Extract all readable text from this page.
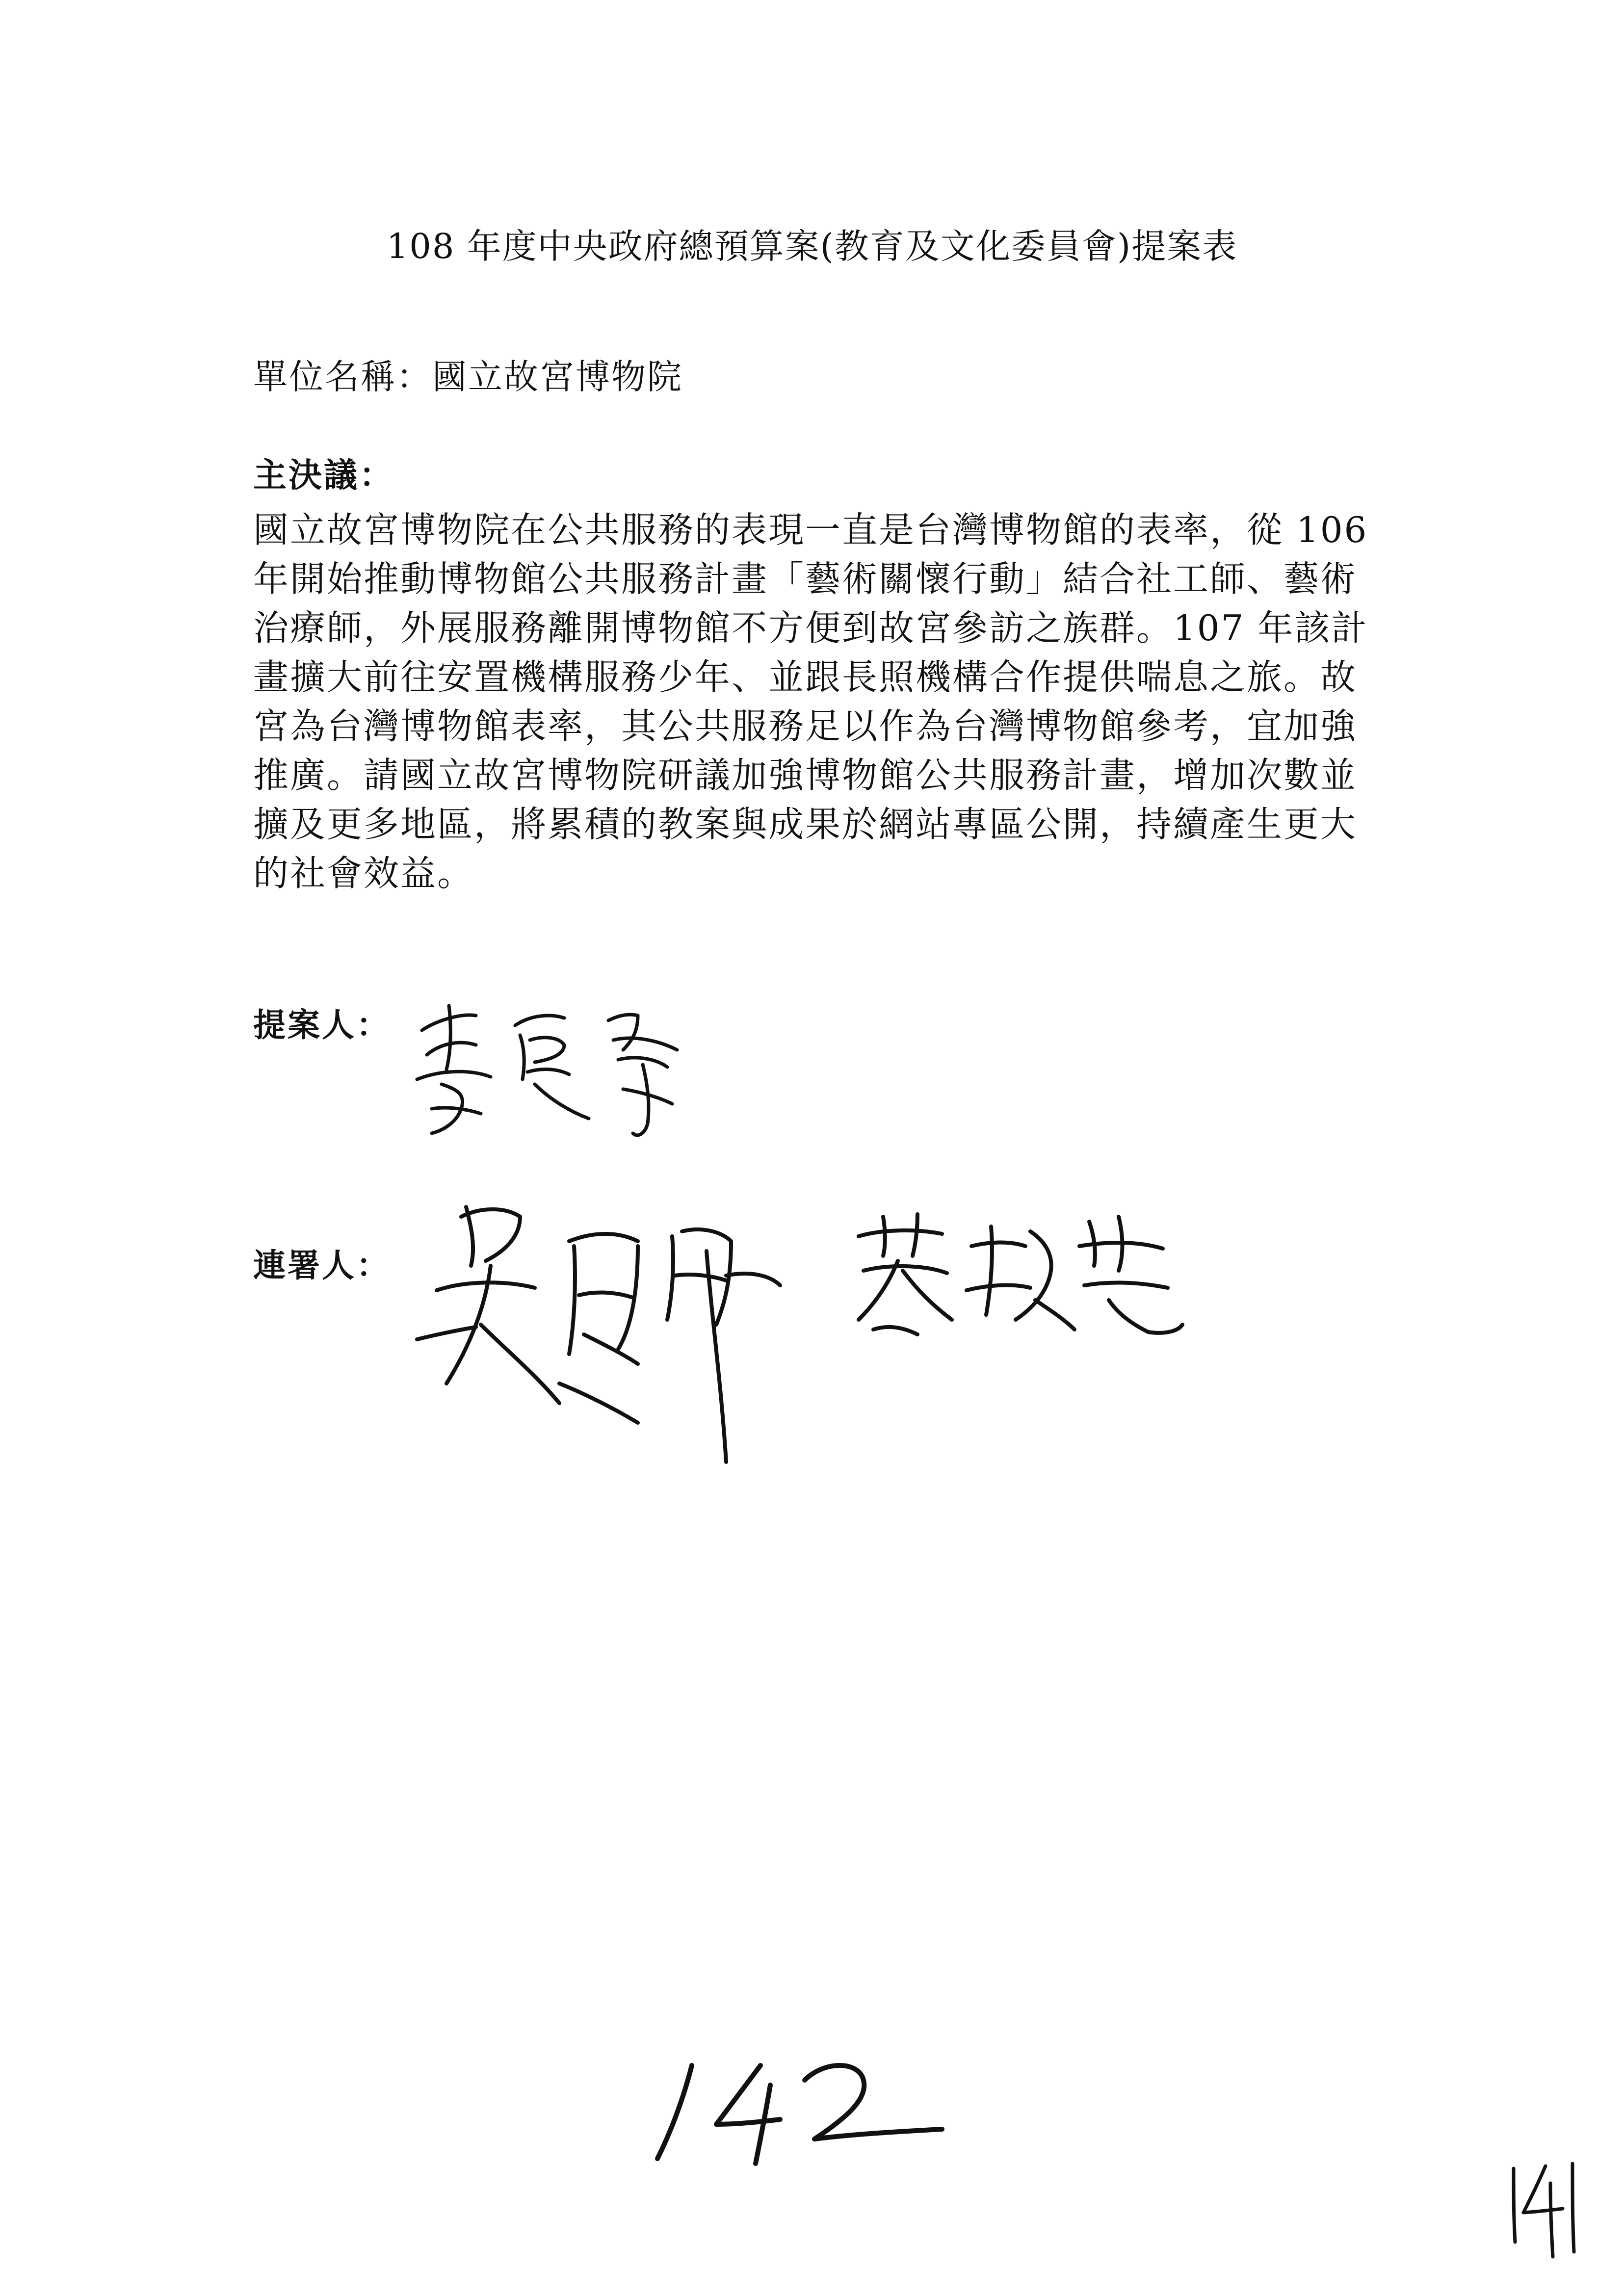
108 年度中央政府總預算案(教育及文化委員會)提案表
單位名稱：國立故宮博物院
主決議：
國立故宮博物院在公共服務的表現一直是台灣博物館的表率，從 106
年開始推動博物館公共服務計畫「藝術關懷行動」結合社工師、藝術
治療師，外展服務離開博物館不方便到故宮參訪之族群。107 年該計
畫擴大前往安置機構服務少年、並跟長照機構合作提供喘息之旅。故
宮為台灣博物館表率，其公共服務足以作為台灣博物館參考，宜加強
推廣。請國立故宮博物院研議加強博物館公共服務計畫，增加次數並
擴及更多地區，將累積的教案與成果於網站專區公開，持續產生更大
的社會效益。
提案人：
連署人：
